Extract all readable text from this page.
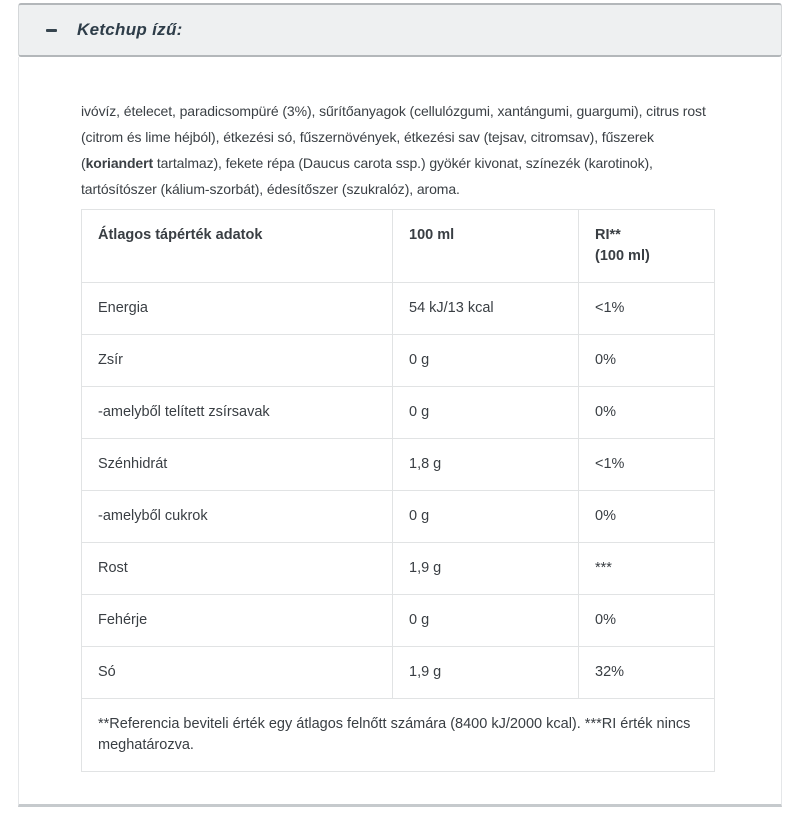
Ketchup ízű:
ivóvíz, ételecet, paradicsompüré (3%), sűrítőanyagok (cellulózgumi, xantángumi, guargumi), citrus rost
(citrom és lime héjból), étkezési só, fűszernövények, étkezési sav (tejsav, citromsav), fűszerek
(koriandert tartalmaz), fekete répa (Daucus carota ssp.) gyökér kivonat, színezék (karotinok),
tartósítószer (kálium-szorbát), édesítőszer (szukralóz), aroma.
Átlagos tápérték adatok	100 ml	RI**
(100 ml)

Energia	54 kJ/13 kcal	<1%
Zsír	0 g	0%
-amelyből telített zsírsavak	0 g	0%
Szénhidrát	1,8 g	<1%
-amelyből cukrok	0 g	0%
Rost	1,9 g	***
Fehérje	0 g	0%
Só	1,9 g	32%

**Referencia beviteli érték egy átlagos felnőtt számára (8400 kJ/2000 kcal). ***RI érték nincs
meghatározva.		
